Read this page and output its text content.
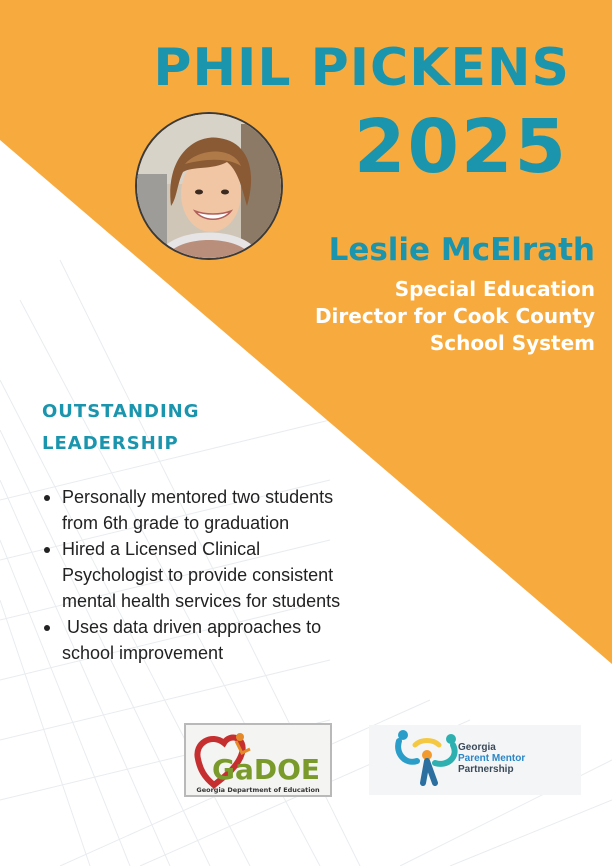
PHIL PICKENS
2025
Leslie McElrath
Special Education
Director for Cook County
School System
OUTSTANDING
LEADERSHIP
Personally mentored two students
from 6th grade to graduation
Hired a Licensed Clinical
Psychologist to provide consistent
mental health services for students
Uses data driven approaches to
school improvement
GaDOE
Georgia Department of Education
Georgia
Parent Mentor
Partnership
